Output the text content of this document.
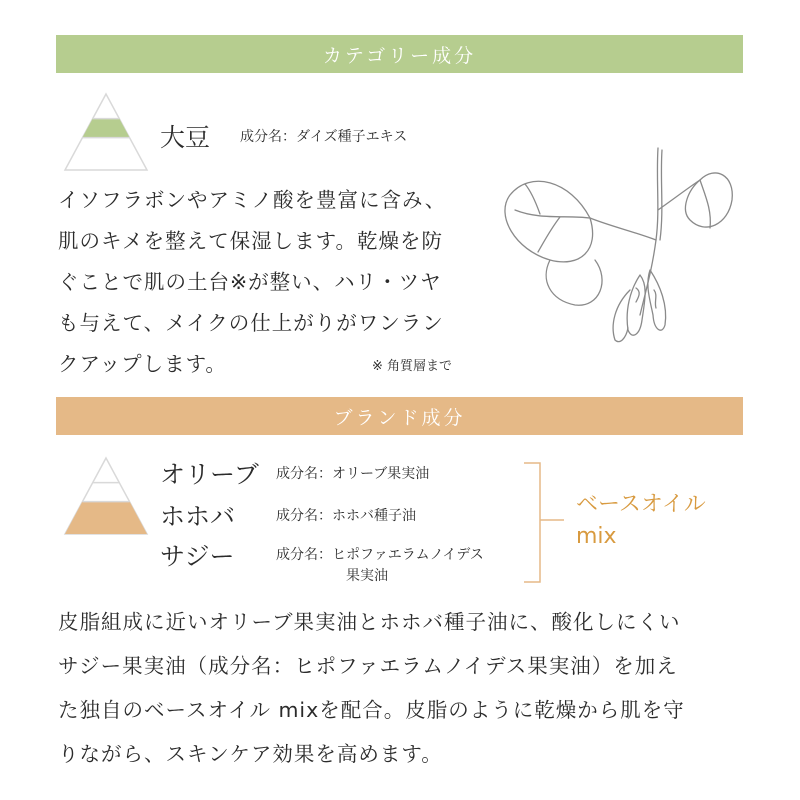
カテゴリー成分
大豆 成分名：ダイズ種子エキス
イソフラボンやアミノ酸を豊富に含み、
肌のキメを整えて保湿します。乾燥を防
ぐことで肌の土台※が整い、ハリ・ツヤ
も与えて、メイクの仕上がりがワンラン
クアップします。	※ 角質層まで
ブランド成分
オリーブ 成分名：オリーブ果実油
ホホバ	成分名：ホホバ種子油
サジー	成分名：ヒポファエラムノイデス
果実油
ベースオイル
mix
皮脂組成に近いオリーブ果実油とホホバ種子油に、酸化しにくい
サジー果実油（成分名：ヒポファエラムノイデス果実油）を加え
た独自のベースオイル mixを配合。皮脂のように乾燥から肌を守
りながら、スキンケア効果を高めます。
